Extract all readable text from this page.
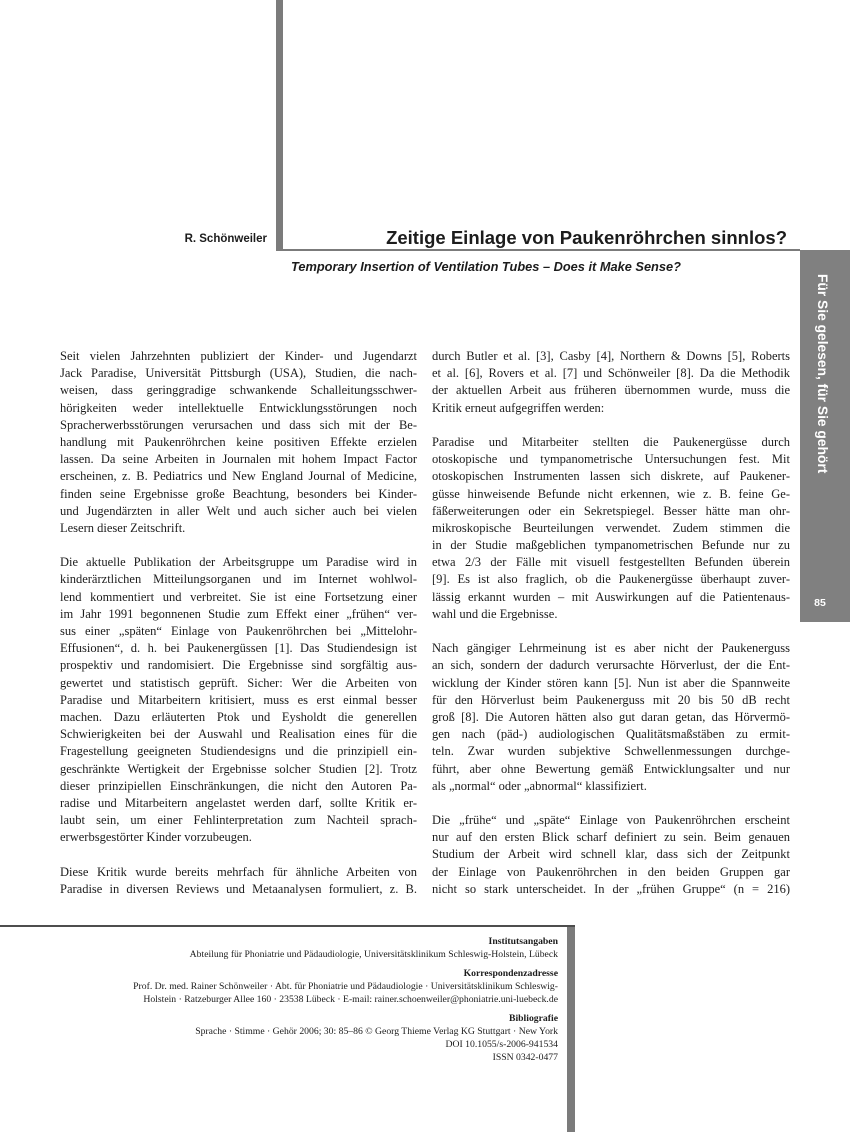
R. Schönweiler	Zeitige Einlage von Paukenröhrchen sinnlos?
Temporary Insertion of Ventilation Tubes – Does it Make Sense?
Für Sie gelesen, für Sie gehört
85
Seit vielen Jahrzehnten publiziert der Kinder- und Jugendarzt
Jack Paradise, Universität Pittsburgh (USA), Studien, die nach-
weisen, dass geringgradige schwankende Schalleitungsschwer-
hörigkeiten weder intellektuelle Entwicklungsstörungen noch
Spracherwerbsstörungen verursachen und dass sich mit der Be-
handlung mit Paukenröhrchen keine positiven Effekte erzielen
lassen. Da seine Arbeiten in Journalen mit hohem Impact Factor
erscheinen, z. B. Pediatrics und New England Journal of Medicine,
finden seine Ergebnisse große Beachtung, besonders bei Kinder-
und Jugendärzten in aller Welt und auch sicher auch bei vielen
Lesern dieser Zeitschrift.
Die aktuelle Publikation der Arbeitsgruppe um Paradise wird in
kinderärztlichen Mitteilungsorganen und im Internet wohlwol-
lend kommentiert und verbreitet. Sie ist eine Fortsetzung einer
im Jahr 1991 begonnenen Studie zum Effekt einer „frühen“ ver-
sus einer „späten“ Einlage von Paukenröhrchen bei „Mittelohr-
Effusionen“, d. h. bei Paukenergüssen [1]. Das Studiendesign ist
prospektiv und randomisiert. Die Ergebnisse sind sorgfältig aus-
gewertet und statistisch geprüft. Sicher: Wer die Arbeiten von
Paradise und Mitarbeitern kritisiert, muss es erst einmal besser
machen. Dazu erläuterten Ptok und Eysholdt die generellen
Schwierigkeiten bei der Auswahl und Realisation eines für die
Fragestellung geeigneten Studiendesigns und die prinzipiell ein-
geschränkte Wertigkeit der Ergebnisse solcher Studien [2]. Trotz
dieser prinzipiellen Einschränkungen, die nicht den Autoren Pa-
radise und Mitarbeitern angelastet werden darf, sollte Kritik er-
laubt sein, um einer Fehlinterpretation zum Nachteil sprach-
erwerbsgestörter Kinder vorzubeugen.
Diese Kritik wurde bereits mehrfach für ähnliche Arbeiten von
Paradise in diversen Reviews und Metaanalysen formuliert, z. B.
durch Butler et al. [3], Casby [4], Northern & Downs [5], Roberts
et al. [6], Rovers et al. [7] und Schönweiler [8]. Da die Methodik
der aktuellen Arbeit aus früheren übernommen wurde, muss die
Kritik erneut aufgegriffen werden:
Paradise und Mitarbeiter stellten die Paukenergüsse durch
otoskopische und tympanometrische Untersuchungen fest. Mit
otoskopischen Instrumenten lassen sich diskrete, auf Paukener-
güsse hinweisende Befunde nicht erkennen, wie z. B. feine Ge-
fäßerweiterungen oder ein Sekretspiegel. Besser hätte man ohr-
mikroskopische Beurteilungen verwendet. Zudem stimmen die
in der Studie maßgeblichen tympanometrischen Befunde nur zu
etwa 2/3 der Fälle mit visuell festgestellten Befunden überein
[9]. Es ist also fraglich, ob die Paukenergüsse überhaupt zuver-
lässig erkannt wurden – mit Auswirkungen auf die Patientenaus-
wahl und die Ergebnisse.
Nach gängiger Lehrmeinung ist es aber nicht der Paukenerguss
an sich, sondern der dadurch verursachte Hörverlust, der die Ent-
wicklung der Kinder stören kann [5]. Nun ist aber die Spannweite
für den Hörverlust beim Paukenerguss mit 20 bis 50 dB recht
groß [8]. Die Autoren hätten also gut daran getan, das Hörvermö-
gen nach (päd-) audiologischen Qualitätsmaßstäben zu ermit-
teln. Zwar wurden subjektive Schwellenmessungen durchge-
führt, aber ohne Bewertung gemäß Entwicklungsalter und nur
als „normal“ oder „abnormal“ klassifiziert.
Die „frühe“ und „späte“ Einlage von Paukenröhrchen erscheint
nur auf den ersten Blick scharf definiert zu sein. Beim genauen
Studium der Arbeit wird schnell klar, dass sich der Zeitpunkt
der Einlage von Paukenröhrchen in den beiden Gruppen gar
nicht so stark unterscheidet. In der „frühen Gruppe“ (n = 216)
Institutsangaben
Abteilung für Phoniatrie und Pädaudiologie, Universitätsklinikum Schleswig-Holstein, Lübeck
Korrespondenzadresse
Prof. Dr. med. Rainer Schönweiler · Abt. für Phoniatrie und Pädaudiologie · Universitätsklinikum Schleswig-
Holstein · Ratzeburger Allee 160 · 23538 Lübeck · E-mail: rainer.schoenweiler@phoniatrie.uni-luebeck.de
Bibliografie
Sprache · Stimme · Gehör 2006; 30: 85–86 © Georg Thieme Verlag KG Stuttgart · New York
DOI 10.1055/s-2006-941534
ISSN 0342-0477
